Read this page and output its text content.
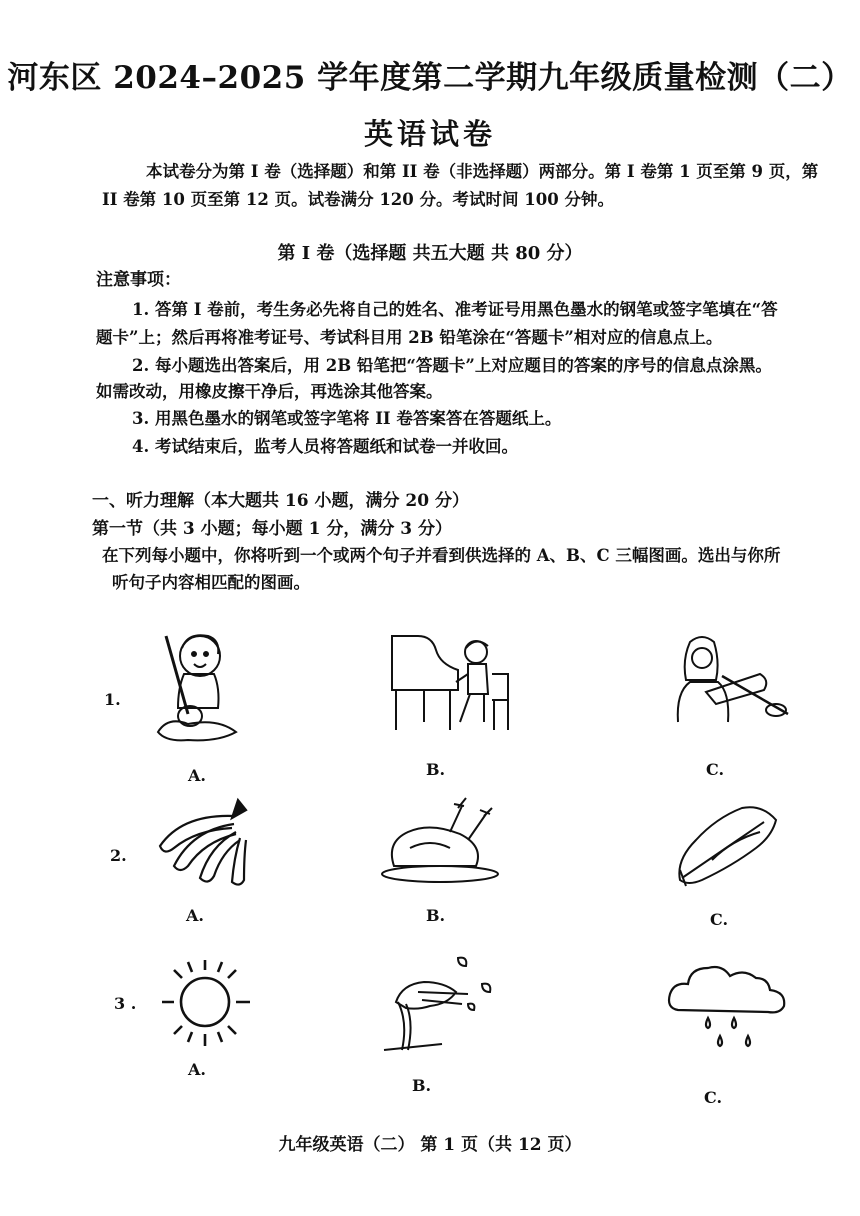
河东区 2024–2025 学年度第二学期九年级质量检测（二）
英语试卷
本试卷分为第 I 卷（选择题）和第 II 卷（非选择题）两部分。第 I 卷第 1 页至第 9 页，第
II 卷第 10 页至第 12 页。试卷满分 120 分。考试时间 100 分钟。
第 I 卷（选择题 共五大题 共 80 分）
注意事项：
1. 答第 I 卷前，考生务必先将自己的姓名、准考证号用黑色墨水的钢笔或签字笔填在“答
题卡”上；然后再将准考证号、考试科目用 2B 铅笔涂在“答题卡”相对应的信息点上。
2. 每小题选出答案后，用 2B 铅笔把“答题卡”上对应题目的答案的序号的信息点涂黑。
如需改动，用橡皮擦干净后，再选涂其他答案。
3. 用黑色墨水的钢笔或签字笔将 II 卷答案答在答题纸上。
4. 考试结束后，监考人员将答题纸和试卷一并收回。
一、听力理解（本大题共 16 小题，满分 20 分）
第一节（共 3 小题；每小题 1 分，满分 3 分）
在下列每小题中，你将听到一个或两个句子并看到供选择的 A、B、C 三幅图画。选出与你所
听句子内容相匹配的图画。
1.
A.	B.	C.
2.
A.	B.	C.
3 .
A.
B.
C.
九年级英语（二） 第 1 页（共 12 页）
